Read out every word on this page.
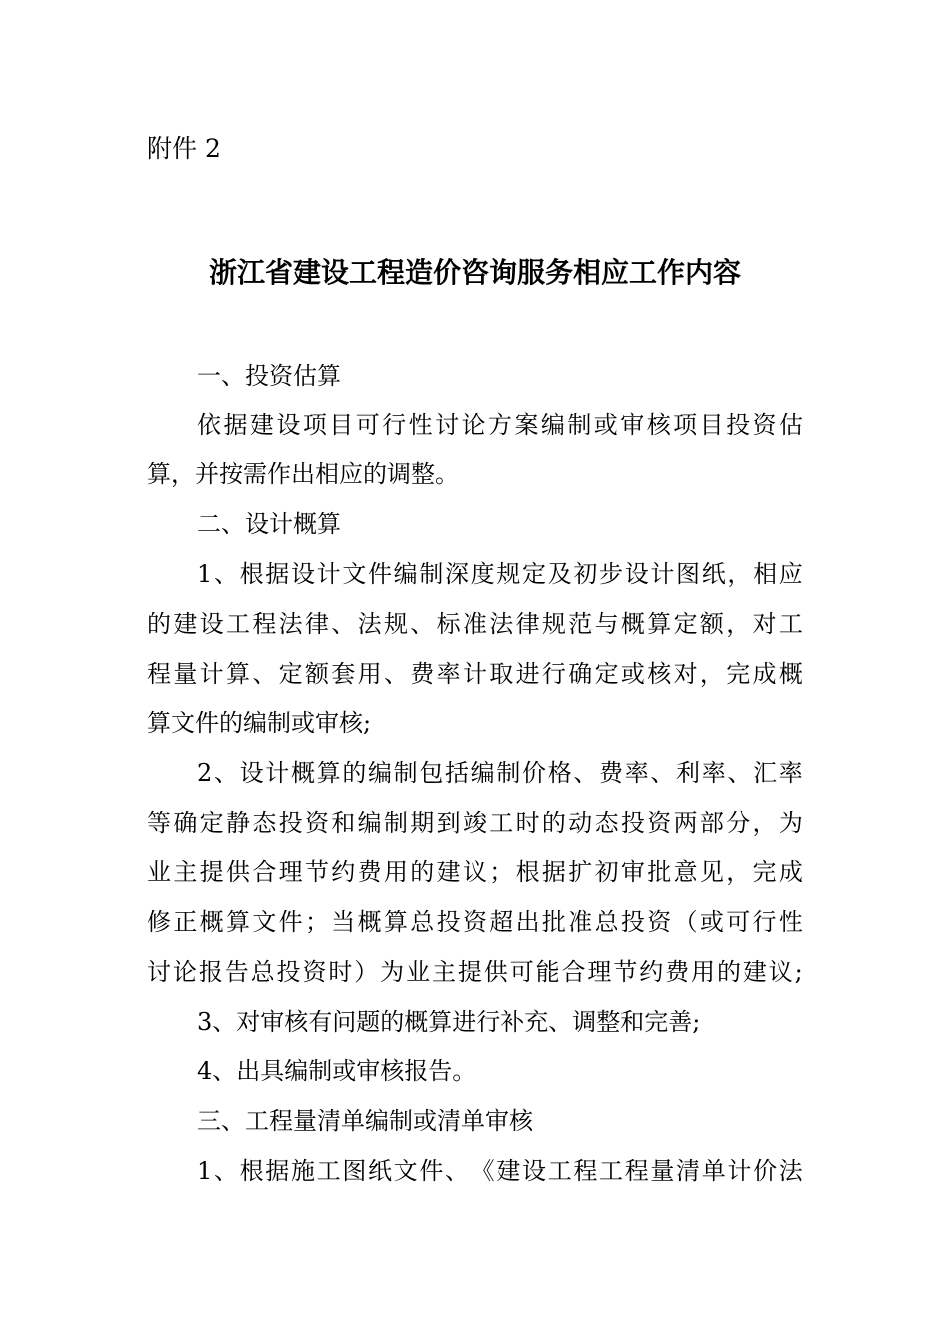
附件 2
浙江省建设工程造价咨询服务相应工作内容
一、投资估算
依 据 建 设 项 目 可 行 性 讨 论 方 案 编 制 或 审 核 项 目 投 资 估
算，并按需作出相应的调整。
二、设计概算
1 、 根 据 设 计 文 件 编 制 深 度 规 定 及 初 步 设 计 图 纸 ， 相 应
的 建 设 工 程 法 律 、 法 规 、 标 准 法 律 规 范 与 概 算 定 额 ， 对 工
程 量 计 算 、 定 额 套 用 、 费 率 计 取 进 行 确 定 或 核 对 ， 完 成 概
算文件的编制或审核;
2 、 设 计 概 算 的 编 制 包 括 编 制 价 格 、 费 率 、 利 率 、 汇 率
等 确 定 静 态 投 资 和 编 制 期 到 竣 工 时 的 动 态 投 资 两 部 分 ， 为
业 主 提 供 合 理 节 约 费 用 的 建 议 ； 根 据 扩 初 审 批 意 见 ， 完 成
修 正 概 算 文 件 ； 当 概 算 总 投 资 超 出 批 准 总 投 资 （ 或 可 行 性
讨 论 报 告 总 投 资 时 ） 为 业 主 提 供 可 能 合 理 节 约 费 用 的 建 议 ;
3、对审核有问题的概算进行补充、调整和完善;
4、出具编制或审核报告。
三、工程量清单编制或清单审核
1 、 根 据 施 工 图 纸 文 件 、 《 建 设 工 程 工 程 量 清 单 计 价 法
